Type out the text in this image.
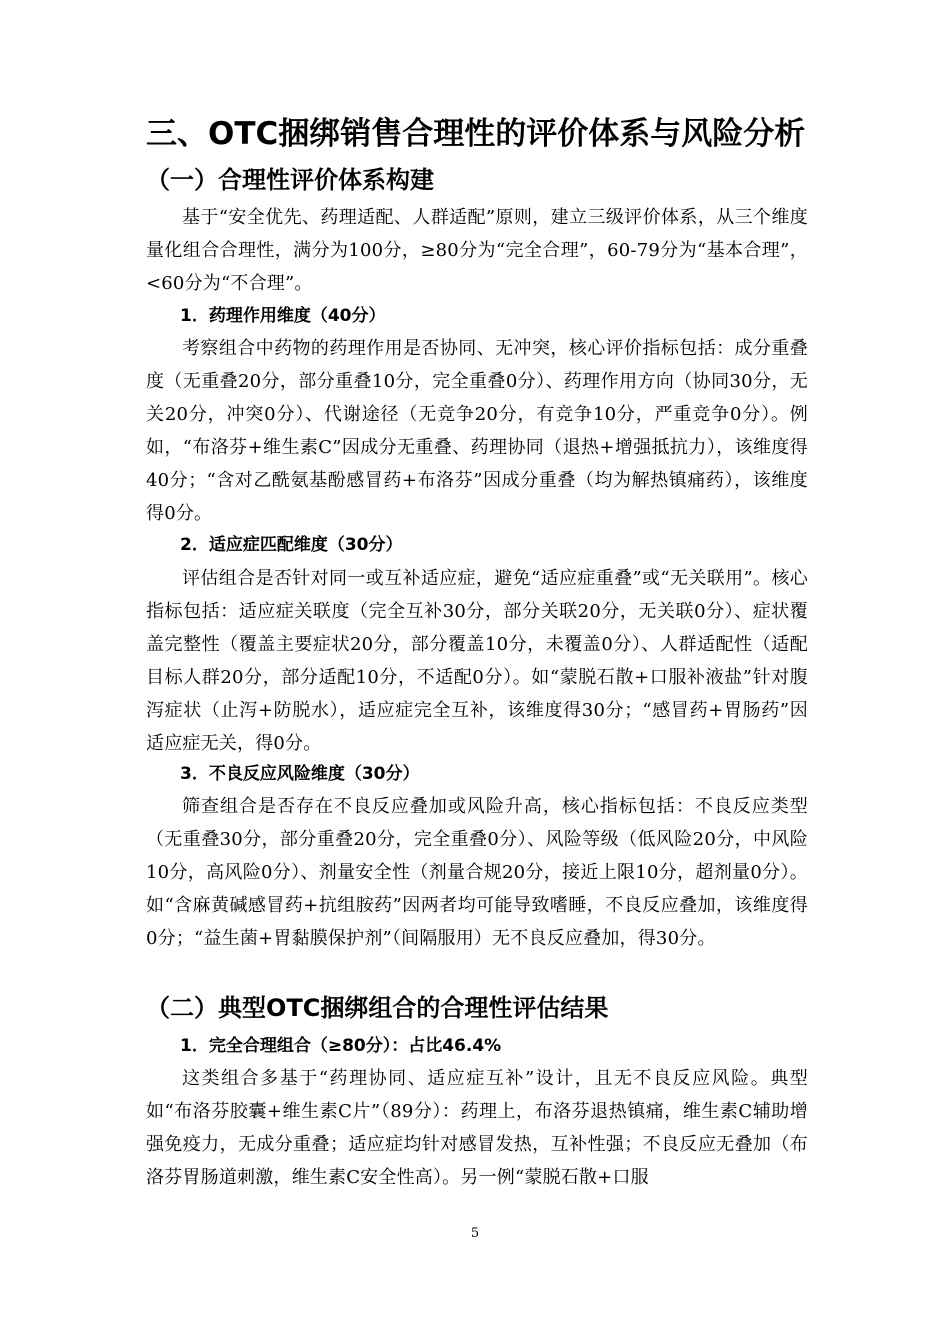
三、OTC捆绑销售合理性的评价体系与风险分析
（一）合理性评价体系构建

基于“安全优先、药理适配、人群适配”原则，建立三级评价体系，从三个维度量化组合合理性，满分为100分，≥80分为“完全合理”，60-79分为“基本合理”，<60分为“不合理”。

1．药理作用维度（40分）

考察组合中药物的药理作用是否协同、无冲突，核心评价指标包括：成分重叠度（无重叠20分，部分重叠10分，完全重叠0分）、药理作用方向（协同30分，无关20分，冲突0分）、代谢途径（无竞争20分，有竞争10分，严重竞争0分）。例如，“布洛芬+维生素C”因成分无重叠、药理协同（退热+增强抵抗力），该维度得40分；“含对乙酰氨基酚感冒药+布洛芬”因成分重叠（均为解热镇痛药），该维度得0分。

2．适应症匹配维度（30分）

评估组合是否针对同一或互补适应症，避免“适应症重叠”或“无关联用”。核心指标包括：适应症关联度（完全互补30分，部分关联20分，无关联0分）、症状覆盖完整性（覆盖主要症状20分，部分覆盖10分，未覆盖0分）、人群适配性（适配目标人群20分，部分适配10分，不适配0分）。如“蒙脱石散+口服补液盐”针对腹泻症状（止泻+防脱水），适应症完全互补，该维度得30分；“感冒药+胃肠药”因适应症无关，得0分。

3．不良反应风险维度（30分）

筛查组合是否存在不良反应叠加或风险升高，核心指标包括：不良反应类型（无重叠30分，部分重叠20分，完全重叠0分）、风险等级（低风险20分，中风险10分，高风险0分）、剂量安全性（剂量合规20分，接近上限10分，超剂量0分）。如“含麻黄碱感冒药+抗组胺药”因两者均可能导致嗜睡，不良反应叠加，该维度得0分；“益生菌+胃黏膜保护剂”（间隔服用）无不良反应叠加，得30分。

（二）典型OTC捆绑组合的合理性评估结果
1．完全合理组合（≥80分）：占比46.4%

这类组合多基于“药理协同、适应症互补”设计，且无不良反应风险。典型如“布洛芬胶囊+维生素C片”（89分）：药理上，布洛芬退热镇痛，维生素C辅助增强免疫力，无成分重叠；适应症均针对感冒发热，互补性强；不良反应无叠加（布洛芬胃肠道刺激，维生素C安全性高）。另一例“蒙脱石散+口服

5
